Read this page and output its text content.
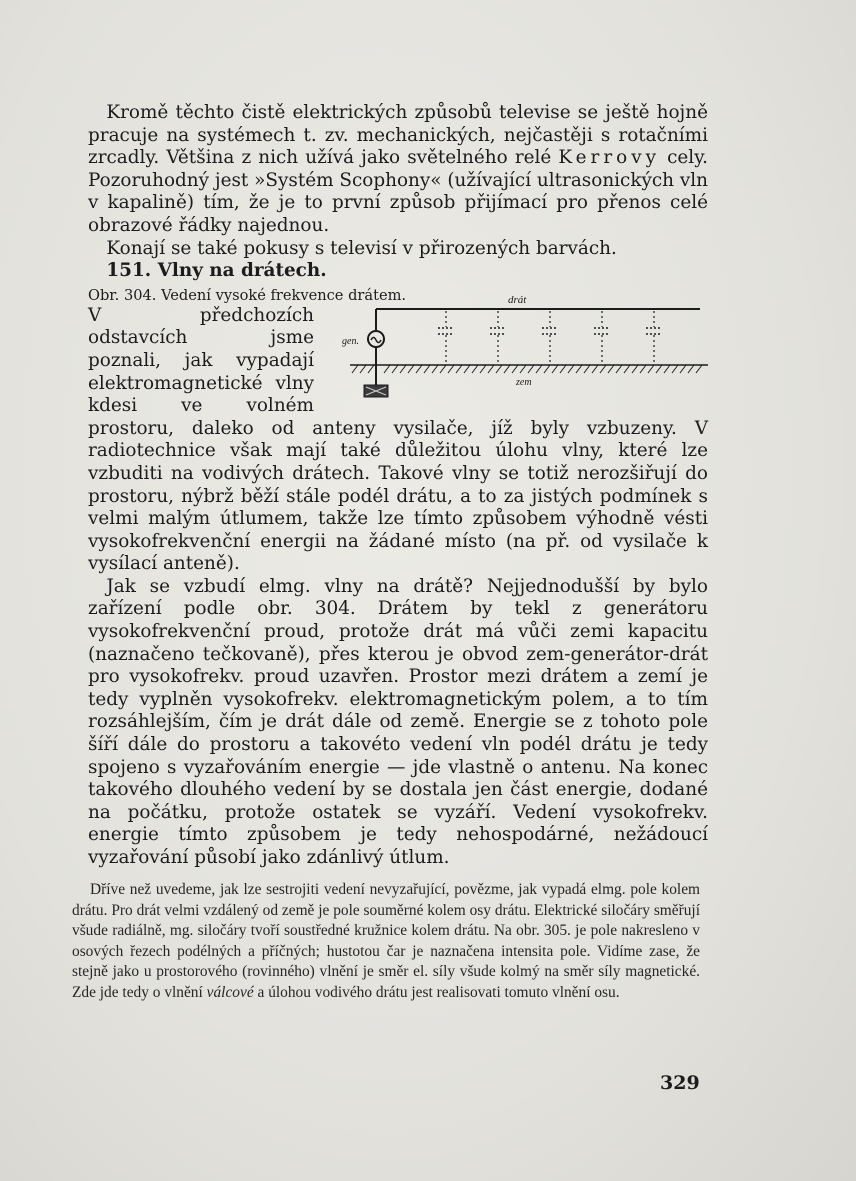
 Kromě těchto čistě elektrických způsobů televise se ještě hojně pracuje na systémech t. zv. mechanických, nejčastěji s rotačními zrcadly. Většina z nich užívá jako světelného relé Kerrovy cely. Pozoruhodný jest »Systém Scophony« (užívající ultrasonických vln v kapalině) tím, že je to první způsob přijímací pro přenos celé obrazové řádky najednou.

 Konají se také pokusy s televisí v přirozených barvách.

 151. Vlny na drátech.
drát
gen.
zem

Obr. 304. Vedení vysoké frekvence drátem.
V předchozích odstavcích jsme poznali, jak vypadají elektromagnetické vlny kdesi ve volném prostoru, daleko od anteny vysilače, jíž byly vzbuzeny. V radiotechnice však mají také důležitou úlohu vlny, které lze vzbuditi na vodivých drátech. Takové vlny se totiž nerozšiřují do prostoru, nýbrž běží stále podél drátu, a to za jistých podmínek s velmi malým útlumem, takže lze tímto způsobem výhodně vésti vysokofrekvenční energii na žádané místo (na př. od vysilače k vysílací anteně).

 Jak se vzbudí elmg. vlny na drátě? Nejjednodušší by bylo zařízení podle obr. 304. Drátem by tekl z generátoru vysokofrekvenční proud, protože drát má vůči zemi kapacitu (naznačeno tečkovaně), přes kterou je obvod zem-generátor-drát pro vysokofrekv. proud uzavřen. Prostor mezi drátem a zemí je tedy vyplněn vysokofrekv. elektromagnetickým polem, a to tím rozsáhlejším, čím je drát dále od země. Energie se z tohoto pole šíří dále do prostoru a takovéto vedení vln podél drátu je tedy spojeno s vyzařováním energie — jde vlastně o antenu. Na konec takového dlouhého vedení by se dostala jen část energie, dodané na počátku, protože ostatek se vyzáří. Vedení vysokofrekv. energie tímto způsobem je tedy nehospodárné, nežádoucí vyzařování působí jako zdánlivý útlum.

Dříve než uvedeme, jak lze sestrojiti vedení nevyzařující, povězme, jak vypadá elmg. pole kolem drátu. Pro drát velmi vzdálený od země je pole souměrné kolem osy drátu. Elektrické siločáry směřují všude radiálně, mg. siločáry tvoří soustředné kružnice kolem drátu. Na obr. 305. je pole nakresleno v osových řezech podélných a příčných; hustotou čar je naznačena intensita pole. Vidíme zase, že stejně jako u prostorového (rovinného) vlnění je směr el. síly všude kolmý na směr síly magnetické. Zde jde tedy o vlnění válcové a úlohou vodivého drátu jest realisovati tomuto vlnění osu.

329
